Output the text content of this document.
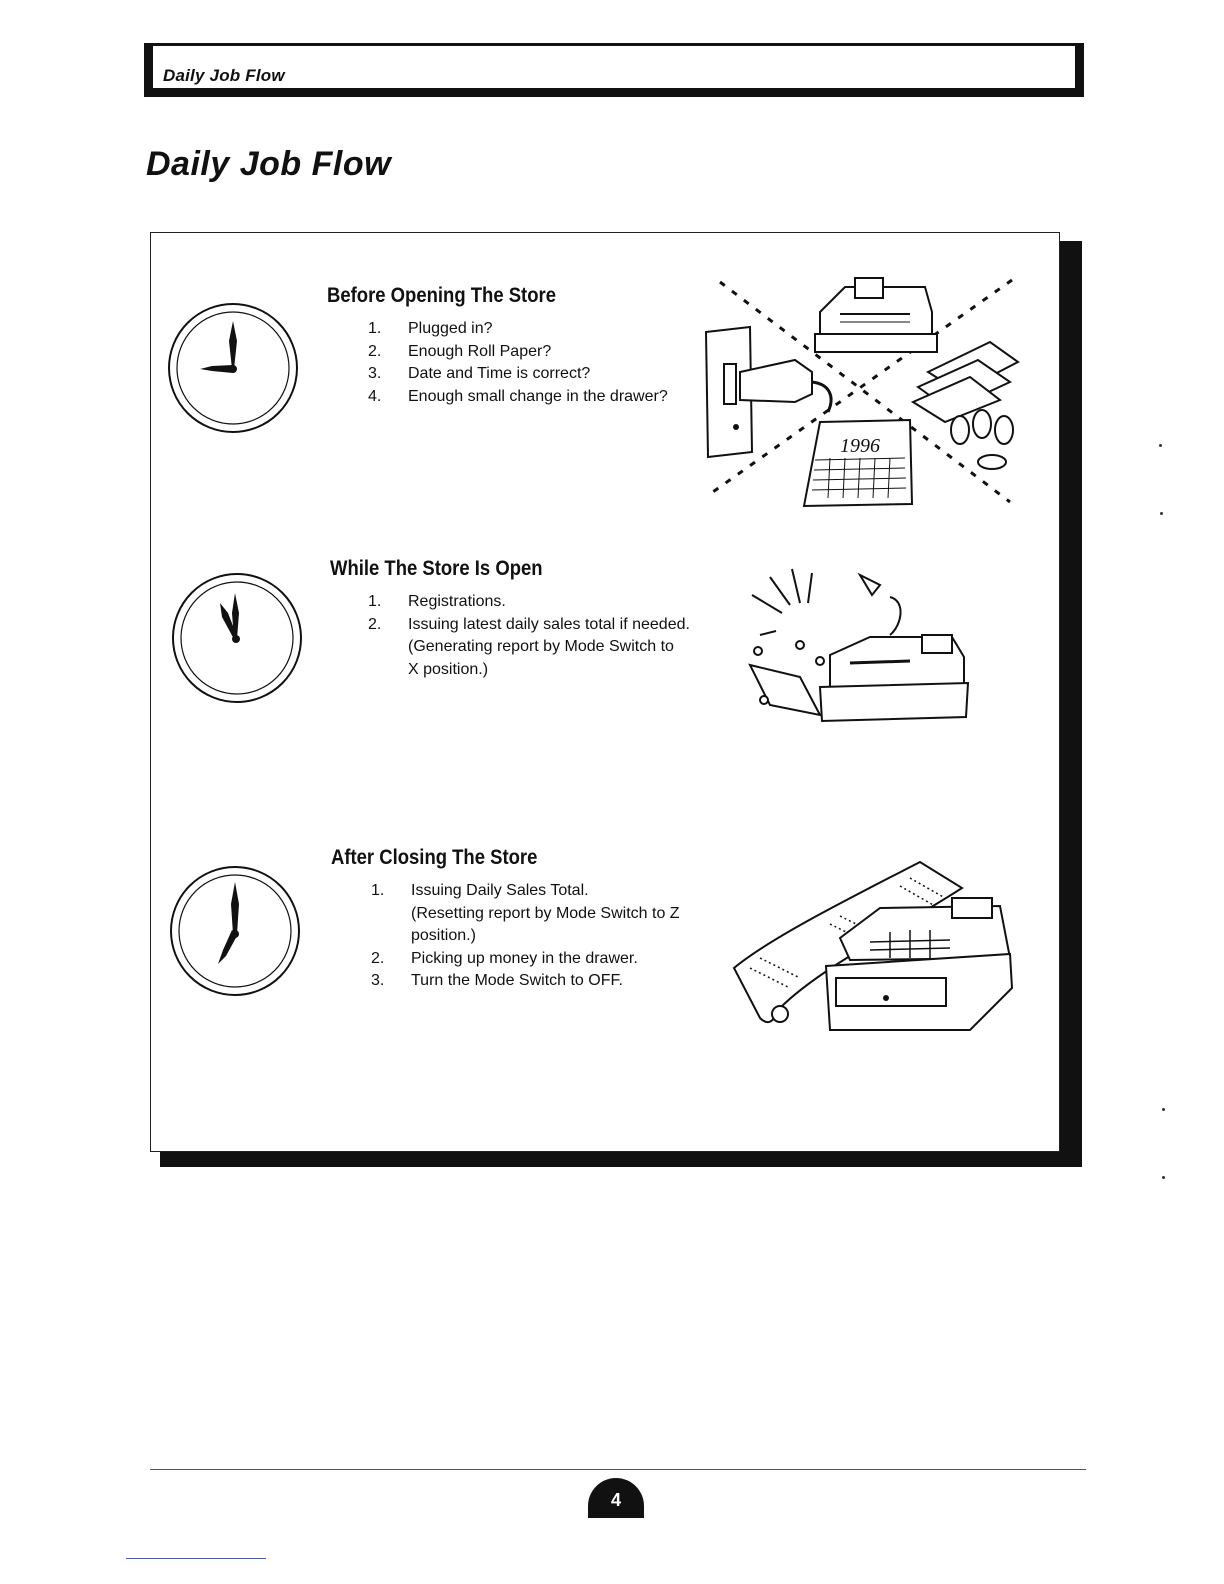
Daily Job Flow
Daily Job Flow
Before Opening The Store
1.	Plugged in?
2.	Enough Roll Paper?
3.	Date and Time is correct?
4.	Enough small change in the drawer?
1996
While The Store Is Open
1.	Registrations.
2.	Issuing latest daily sales total if needed.
(Generating report by Mode Switch to
X position.)
After Closing The Store
1.	Issuing Daily Sales Total.
(Resetting report by Mode Switch to Z
position.)
2.	Picking up money in the drawer.
3.	Turn the Mode Switch to OFF.
4
